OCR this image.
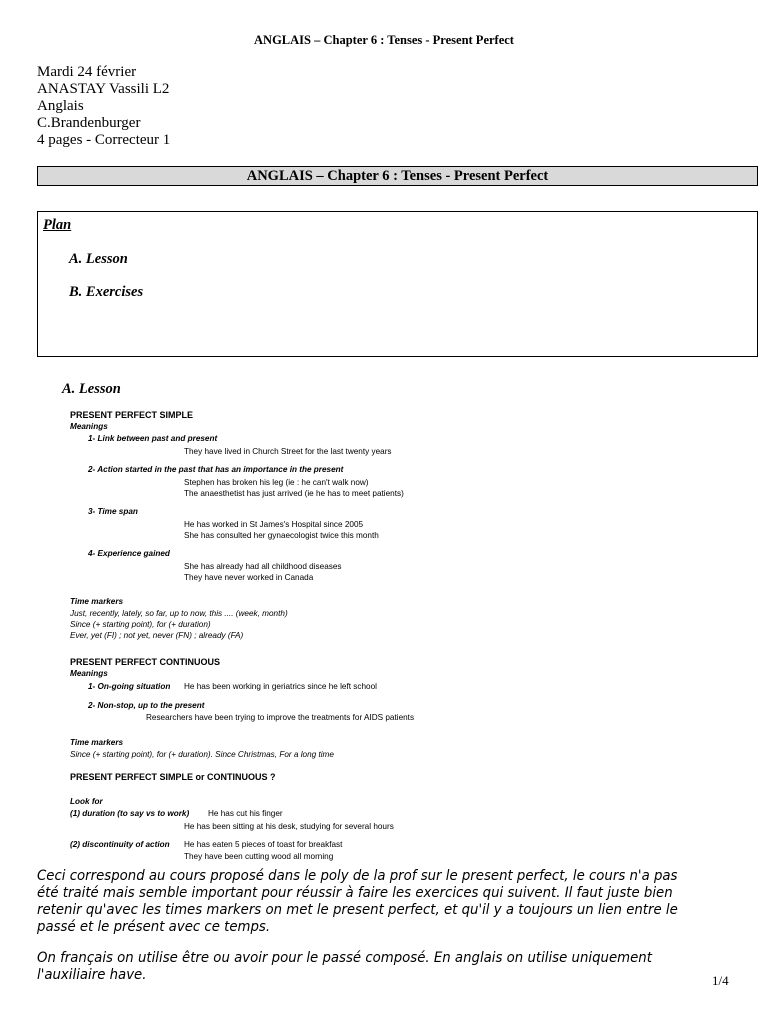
ANGLAIS – Chapter 6 : Tenses - Present Perfect
Mardi 24 février
ANASTAY Vassili L2
Anglais
C.Brandenburger
4 pages - Correcteur 1
ANGLAIS – Chapter 6 : Tenses - Present Perfect
Plan
A. Lesson
B. Exercises
A. Lesson
PRESENT PERFECT SIMPLE
Meanings
1- Link between past and present
They have lived in Church Street for the last twenty years
2- Action started in the past that has an importance in the present
Stephen has broken his leg (ie : he can't walk now)
The anaesthetist has just arrived (ie he has to meet patients)
3- Time span
He has worked in St James's Hospital since 2005
She has consulted her gynaecologist twice this month
4- Experience gained
She has already had all childhood diseases
They have never worked in Canada
Time markers
Just, recently, lately, so far, up to now, this .... (week, month)
Since (+ starting point), for (+ duration)
Ever, yet (FI) ; not yet, never (FN) ; already (FA)
PRESENT PERFECT CONTINUOUS
Meanings
1- On-going situation He has been working in geriatrics since he left school
2- Non-stop, up to the present
Researchers have been trying to improve the treatments for AIDS patients
Time markers
Since (+ starting point), for (+ duration). Since Christmas, For a long time
PRESENT PERFECT SIMPLE or CONTINUOUS ?
Look for
(1) duration (to say vs to work) He has cut his finger
He has been sitting at his desk, studying for several hours
(2) discontinuity of action He has eaten 5 pieces of toast for breakfast
They have been cutting wood all morning

Ceci correspond au cours proposé dans le poly de la prof sur le present perfect, le cours n'a pas été traité mais semble important pour réussir à faire les exercices qui suivent. Il faut juste bien retenir qu'avec les times markers on met le present perfect, et qu'il y a toujours un lien entre le passé et le présent avec ce temps.

On français on utilise être ou avoir pour le passé composé. En anglais on utilise uniquement l'auxiliaire have.	1/4
